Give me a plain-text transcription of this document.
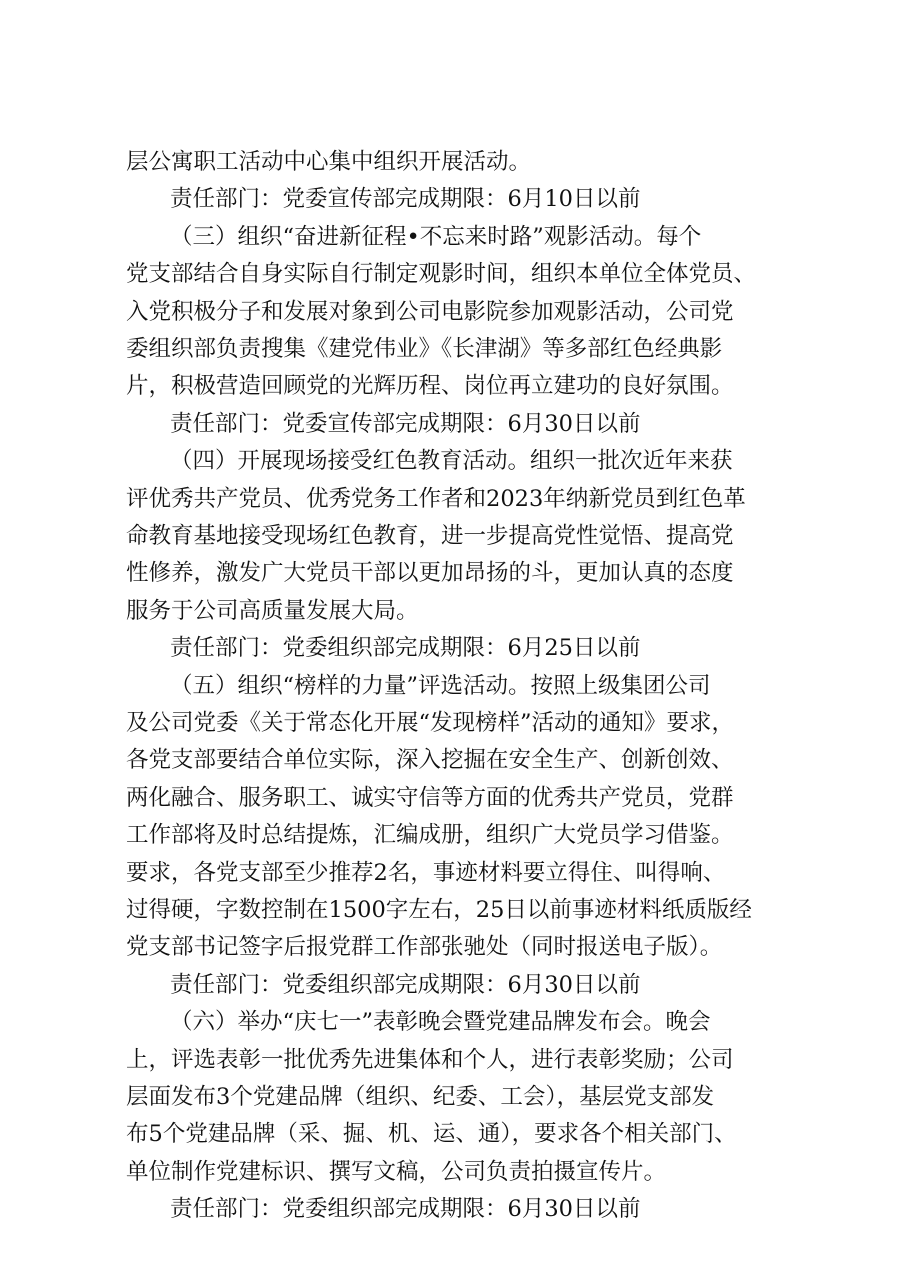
层公寓职工活动中心集中组织开展活动。
责任部门：党委宣传部完成期限：6月10日以前
（三）组织“奋进新征程•不忘来时路”观影活动。每个
党支部结合自身实际自行制定观影时间，组织本单位全体党员、
入党积极分子和发展对象到公司电影院参加观影活动，公司党
委组织部负责搜集《建党伟业》《长津湖》等多部红色经典影
片，积极营造回顾党的光辉历程、岗位再立建功的良好氛围。
责任部门：党委宣传部完成期限：6月30日以前
（四）开展现场接受红色教育活动。组织一批次近年来获
评优秀共产党员、优秀党务工作者和2023年纳新党员到红色革
命教育基地接受现场红色教育，进一步提高党性觉悟、提高党
性修养，激发广大党员干部以更加昂扬的斗，更加认真的态度
服务于公司高质量发展大局。
责任部门：党委组织部完成期限：6月25日以前
（五）组织“榜样的力量”评选活动。按照上级集团公司
及公司党委《关于常态化开展“发现榜样”活动的通知》要求，
各党支部要结合单位实际，深入挖掘在安全生产、创新创效、
两化融合、服务职工、诚实守信等方面的优秀共产党员，党群
工作部将及时总结提炼，汇编成册，组织广大党员学习借鉴。
要求，各党支部至少推荐2名，事迹材料要立得住、叫得响、
过得硬，字数控制在1500字左右，25日以前事迹材料纸质版经
党支部书记签字后报党群工作部张驰处（同时报送电子版）。
责任部门：党委组织部完成期限：6月30日以前
（六）举办“庆七一”表彰晚会暨党建品牌发布会。晚会
上，评选表彰一批优秀先进集体和个人，进行表彰奖励；公司
层面发布3个党建品牌（组织、纪委、工会），基层党支部发
布5个党建品牌（采、掘、机、运、通），要求各个相关部门、
单位制作党建标识、撰写文稿，公司负责拍摄宣传片。
责任部门：党委组织部完成期限：6月30日以前
